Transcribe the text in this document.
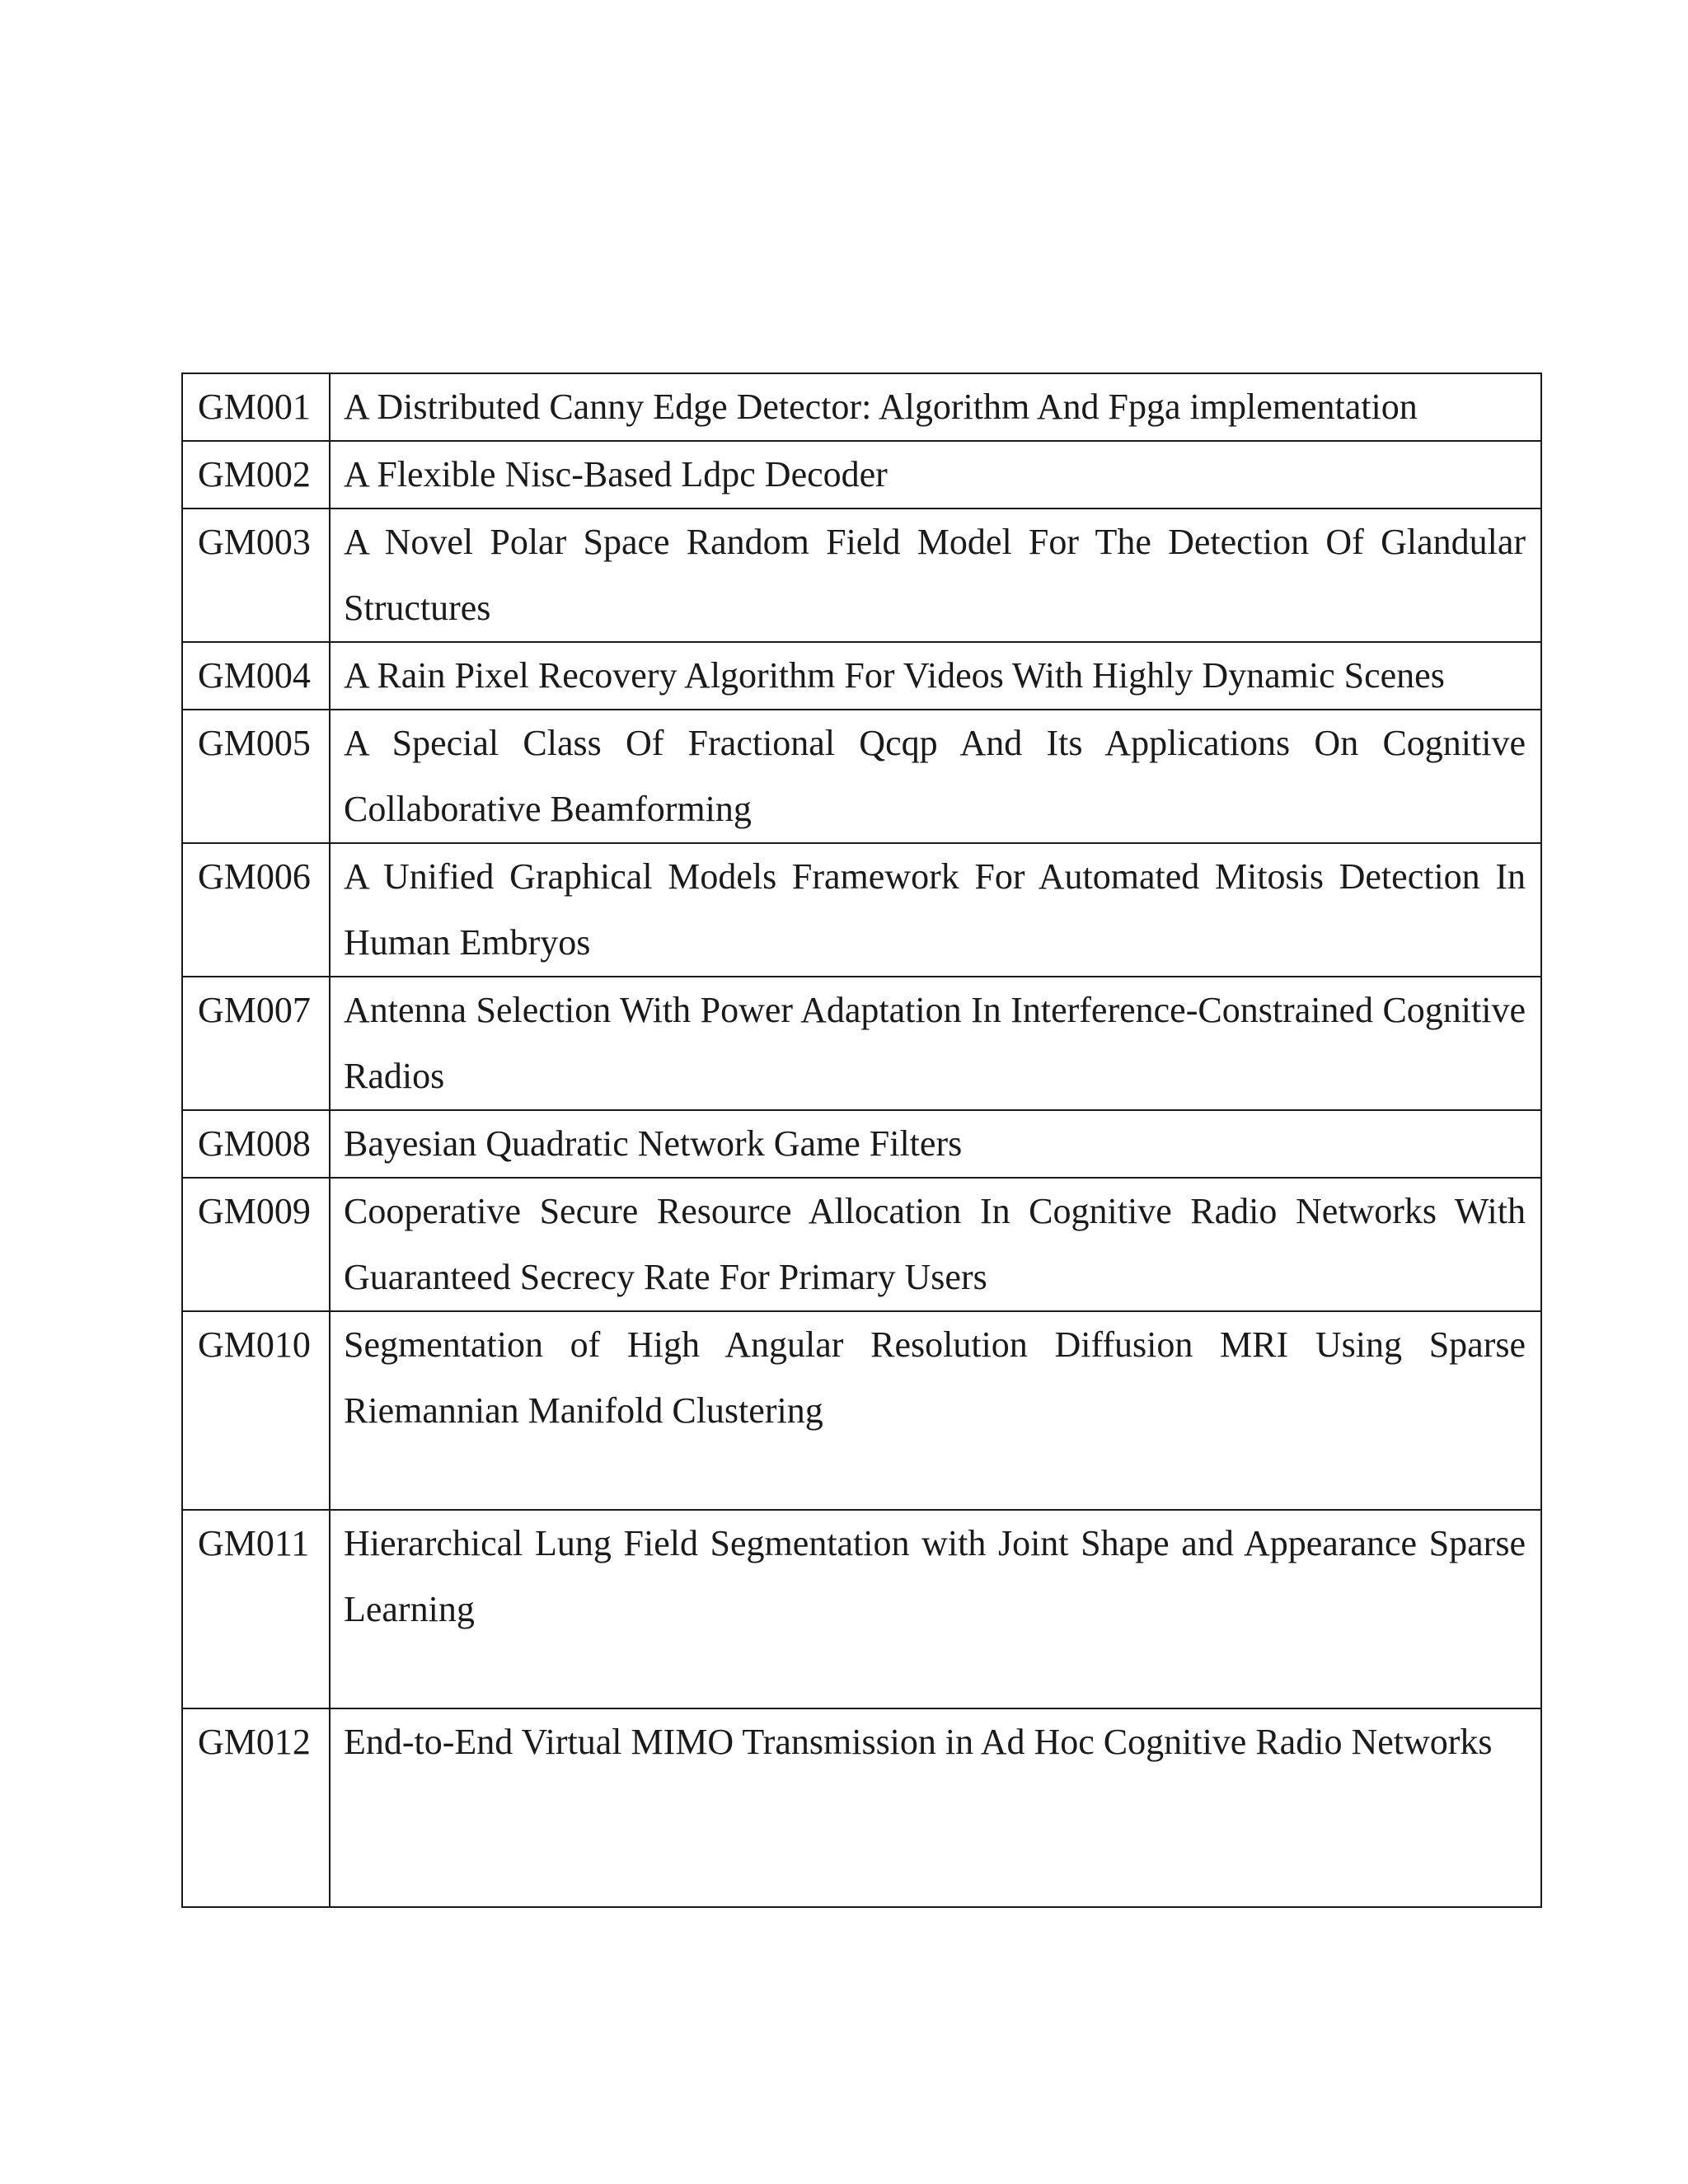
GM001	A Distributed Canny Edge Detector: Algorithm And Fpga implementation
GM002	A Flexible Nisc-Based Ldpc Decoder
GM003	A Novel Polar Space Random Field Model For The Detection Of Glandular Structures
GM004	A Rain Pixel Recovery Algorithm For Videos With Highly Dynamic Scenes
GM005	A Special Class Of Fractional Qcqp And Its Applications On Cognitive Collaborative Beamforming
GM006	A Unified Graphical Models Framework For Automated Mitosis Detection In Human Embryos
GM007	Antenna Selection With Power Adaptation In Interference-Constrained Cognitive Radios
GM008	Bayesian Quadratic Network Game Filters
GM009	Cooperative Secure Resource Allocation In Cognitive Radio Networks With Guaranteed Secrecy Rate For Primary Users
GM010	Segmentation of High Angular Resolution Diffusion MRI Using Sparse Riemannian Manifold Clustering
GM011	Hierarchical Lung Field Segmentation with Joint Shape and Appearance Sparse Learning
GM012	End-to-End Virtual MIMO Transmission in Ad Hoc Cognitive Radio Networks
